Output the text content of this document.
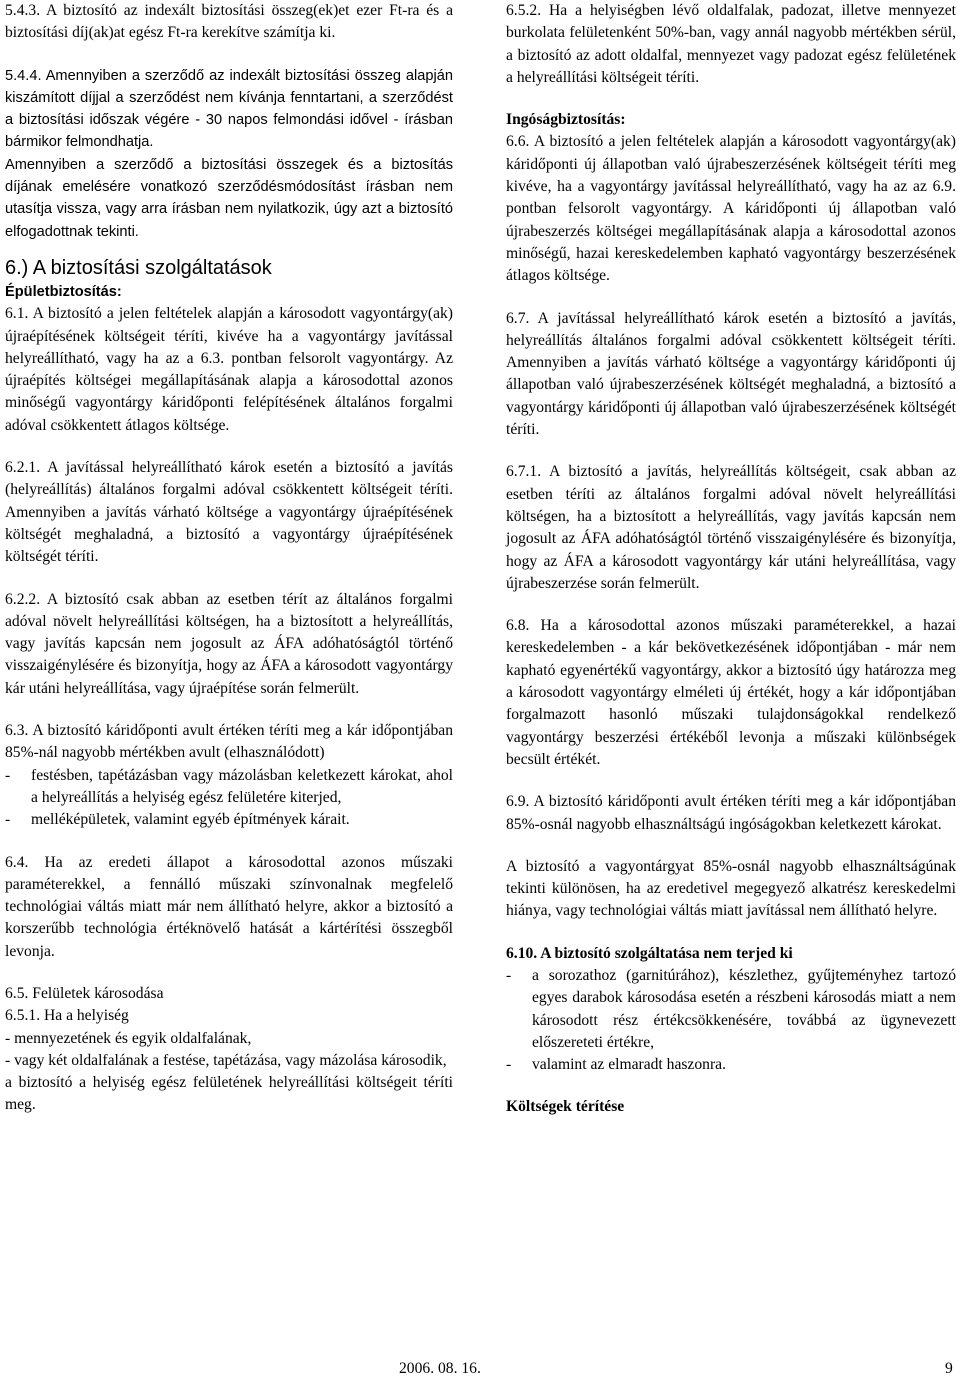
5.4.3. A biztosító az indexált biztosítási összeg(ek)et ezer Ft-ra és a biztosítási díj(ak)at egész Ft-ra kerekítve számítja ki.

5.4.4. Amennyiben a szerződő az indexált biztosítási összeg alapján kiszámított díjjal a szerződést nem kívánja fenntartani, a szerződést a biztosítási időszak végére - 30 napos felmondási idővel - írásban bármikor felmondhatja.

Amennyiben a szerződő a biztosítási összegek és a biztosítás díjának emelésére vonatkozó szerződésmódosítást írásban nem utasítja vissza, vagy arra írásban nem nyilatkozik, úgy azt a biztosító elfogadottnak tekinti.

6.) A biztosítási szolgáltatások

Épületbiztosítás:

6.1. A biztosító a jelen feltételek alapján a károsodott vagyontárgy(ak) újraépítésének költségeit téríti, kivéve ha a vagyontárgy javítással helyreállítható, vagy ha az a 6.3. pontban felsorolt vagyontárgy. Az újraépítés költségei megállapításának alapja a károsodottal azonos minőségű vagyontárgy káridőponti felépítésének általános forgalmi adóval csökkentett átlagos költsége.

6.2.1. A javítással helyreállítható károk esetén a biztosító a javítás (helyreállítás) általános forgalmi adóval csökkentett költségeit téríti. Amennyiben a javítás várható költsége a vagyontárgy újraépítésének költségét meghaladná, a biztosító a vagyontárgy újraépítésének költségét téríti.

6.2.2. A biztosító csak abban az esetben térít az általános forgalmi adóval növelt helyreállítási költségen, ha a biztosított a helyreállítás, vagy javítás kapcsán nem jogosult az ÁFA adóhatóságtól történő visszaigénylésére és bizonyítja, hogy az ÁFA a károsodott vagyontárgy kár utáni helyreállítása, vagy újraépítése során felmerült.

6.3. A biztosító káridőponti avult értéken téríti meg a kár időpontjában 85%-nál nagyobb mértékben avult (elhasználódott)

-	festésben, tapétázásban vagy mázolásban keletkezett károkat, ahol a helyreállítás a helyiség egész felületére kiterjed,
-	melléképületek, valamint egyéb építmények kárait.

6.4. Ha az eredeti állapot a károsodottal azonos műszaki paraméterekkel, a fennálló műszaki színvonalnak megfelelő technológiai váltás miatt már nem állítható helyre, akkor a biztosító a korszerűbb technológia értéknövelő hatását a kártérítési összegből levonja.

6.5. Felületek károsodása

6.5.1. Ha a helyiség

- mennyezetének és egyik oldalfalának,

- vagy két oldalfalának a festése, tapétázása, vagy mázolása károsodik,

a biztosító a helyiség egész felületének helyreállítási költségeit téríti meg.

6.5.2. Ha a helyiségben lévő oldalfalak, padozat, illetve mennyezet burkolata felületenként 50%-ban, vagy annál nagyobb mértékben sérül, a biztosító az adott oldalfal, mennyezet vagy padozat egész felületének a helyreállítási költségeit téríti.

Ingóságbiztosítás:

6.6. A biztosító a jelen feltételek alapján a károsodott vagyontárgy(ak) káridőponti új állapotban való újrabeszerzésének költségeit téríti meg kivéve, ha a vagyontárgy javítással helyreállítható, vagy ha az az 6.9. pontban felsorolt vagyontárgy. A káridőponti új állapotban való újrabeszerzés költségei megállapításának alapja a károsodottal azonos minőségű, hazai kereskedelemben kapható vagyontárgy beszerzésének átlagos költsége.

6.7. A javítással helyreállítható károk esetén a biztosító a javítás, helyreállítás általános forgalmi adóval csökkentett költségeit téríti. Amennyiben a javítás várható költsége a vagyontárgy káridőponti új állapotban való újrabeszerzésének költségét meghaladná, a biztosító a vagyontárgy káridőponti új állapotban való újrabeszerzésének költségét téríti.

6.7.1. A biztosító a javítás, helyreállítás költségeit, csak abban az esetben téríti az általános forgalmi adóval növelt helyreállítási költségen, ha a biztosított a helyreállítás, vagy javítás kapcsán nem jogosult az ÁFA adóhatóságtól történő visszaigénylésére és bizonyítja, hogy az ÁFA a károsodott vagyontárgy kár utáni helyreállítása, vagy újrabeszerzése során felmerült.

6.8. Ha a károsodottal azonos műszaki paraméterekkel, a hazai kereskedelemben - a kár bekövetkezésének időpontjában - már nem kapható egyenértékű vagyontárgy, akkor a biztosító úgy határozza meg a károsodott vagyontárgy elméleti új értékét, hogy a kár időpontjában forgalmazott hasonló műszaki tulajdonságokkal rendelkező vagyontárgy beszerzési értékéből levonja a műszaki különbségek becsült értékét.

6.9. A biztosító káridőponti avult értéken téríti meg a kár időpontjában 85%-osnál nagyobb elhasználtságú ingóságokban keletkezett károkat.

A biztosító a vagyontárgyat 85%-osnál nagyobb elhasználtságúnak tekinti különösen, ha az eredetivel megegyező alkatrész kereskedelmi hiánya, vagy technológiai váltás miatt javítással nem állítható helyre.

6.10. A biztosító szolgáltatása nem terjed ki

-	a sorozathoz (garnitúrához), készlethez, gyűjteményhez tartozó egyes darabok károsodása esetén a részbeni károsodás miatt a nem károsodott rész értékcsökkenésére, továbbá az ügynevezett előszereteti értékre,
-	valamint az elmaradt haszonra.

Költségek térítése

2006. 08. 16.	9
